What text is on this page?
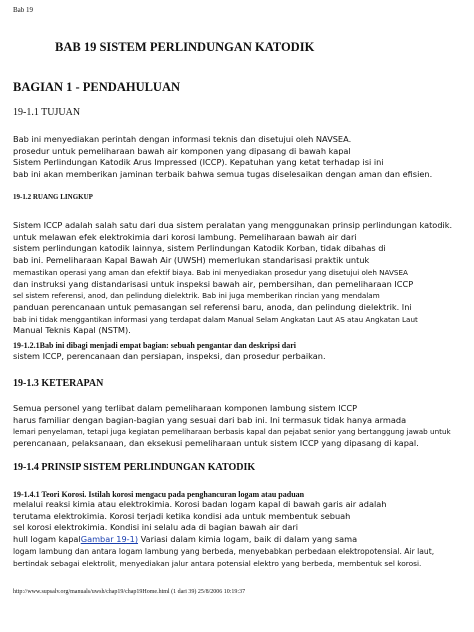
Bab 19
BAB 19 SISTEM PERLINDUNGAN KATODIK
BAGIAN 1 - PENDAHULUAN
19-1.1 TUJUAN
Bab ini menyediakan perintah dengan informasi teknis dan disetujui oleh NAVSEA.
prosedur untuk pemeliharaan bawah air komponen yang dipasang di bawah kapal
Sistem Perlindungan Katodik Arus Impressed (ICCP). Kepatuhan yang ketat terhadap isi ini
bab ini akan memberikan jaminan terbaik bahwa semua tugas diselesaikan dengan aman dan efisien.
19-1.2 RUANG LINGKUP
Sistem ICCP adalah salah satu dari dua sistem peralatan yang menggunakan prinsip perlindungan katodik.
untuk melawan efek elektrokimia dari korosi lambung. Pemeliharaan bawah air dari
sistem perlindungan katodik lainnya, sistem Perlindungan Katodik Korban, tidak dibahas di
bab ini. Pemeliharaan Kapal Bawah Air (UWSH) memerlukan standarisasi praktik untuk
memastikan operasi yang aman dan efektif biaya. Bab ini menyediakan prosedur yang disetujui oleh NAVSEA
dan instruksi yang distandarisasi untuk inspeksi bawah air, pembersihan, dan pemeliharaan ICCP
sel sistem referensi, anod, dan pelindung dielektrik. Bab ini juga memberikan rincian yang mendalam
panduan perencanaan untuk pemasangan sel referensi baru, anoda, dan pelindung dielektrik. Ini
bab ini tidak menggantikan informasi yang terdapat dalam Manual Selam Angkatan Laut AS atau Angkatan Laut
Manual Teknis Kapal (NSTM).
19-1.2.1Bab ini dibagi menjadi empat bagian: sebuah pengantar dan deskripsi dari
sistem ICCP, perencanaan dan persiapan, inspeksi, dan prosedur perbaikan.
19-1.3 KETERAPAN
Semua personel yang terlibat dalam pemeliharaan komponen lambung sistem ICCP
harus familiar dengan bagian-bagian yang sesuai dari bab ini. Ini termasuk tidak hanya armada
lemari penyelaman, tetapi juga kegiatan pemeliharaan berbasis kapal dan pejabat senior yang bertanggung jawab untuk
perencanaan, pelaksanaan, dan eksekusi pemeliharaan untuk sistem ICCP yang dipasang di kapal.
19-1.4 PRINSIP SISTEM PERLINDUNGAN KATODIK
19-1.4.1 Teori Korosi. Istilah korosi mengacu pada penghancuran logam atau paduan
melalui reaksi kimia atau elektrokimia. Korosi badan logam kapal di bawah garis air adalah
terutama elektrokimia. Korosi terjadi ketika kondisi ada untuk membentuk sebuah
sel korosi elektrokimia. Kondisi ini selalu ada di bagian bawah air dari
hull logam kapalGambar 19-1) Variasi dalam kimia logam, baik di dalam yang sama
logam lambung dan antara logam lambung yang berbeda, menyebabkan perbedaan elektropotensial. Air laut,
bertindak sebagai elektrolit, menyediakan jalur antara potensial elektro yang berbeda, membentuk sel korosi.
http://www.supsalv.org/manuals/uwsh/chap19/chap19Home.html (1 dari 39) 25/8/2006 10:19:37
